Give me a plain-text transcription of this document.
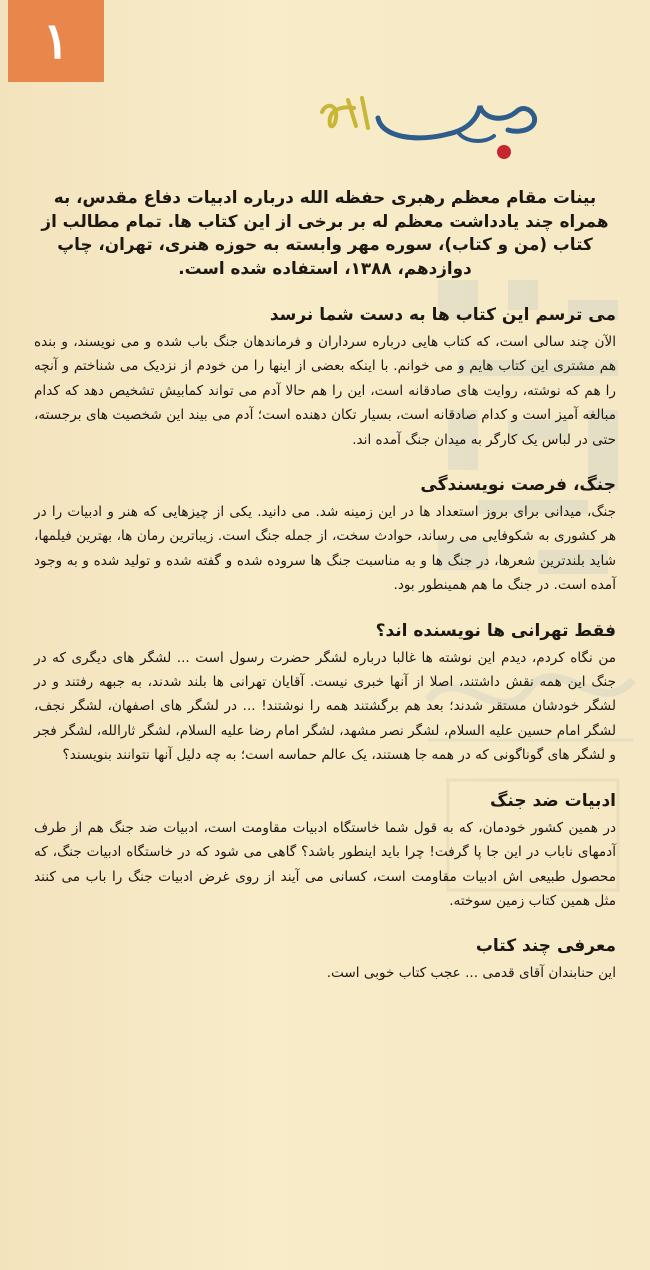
۱

بینات مقام معظم رهبری حفظه الله درباره ادبیات دفاع مقدس، به همراه چند یادداشت معظم له بر برخی از این کتاب ها. تمام مطالب از کتاب (من و کتاب)، سوره مهر وابسته به حوزه هنری، تهران، چاپ دوازدهم، ۱۳۸۸، استفاده شده است.

می ترسم این کتاب ها به دست شما نرسد

الآن چند سالی است، که کتاب هایی درباره سرداران و فرماندهان جنگ باب شده و می نویسند، و بنده هم مشتری این کتاب هایم و می خوانم. با اینکه بعضی از اینها را من خودم از نزدیک می شناختم و آنچه را هم که نوشته، روایت های صادقانه است، این را هم حالا آدم می تواند کمابیش تشخیص دهد که کدام مبالغه آمیز است و کدام صادقانه است، بسیار تکان دهنده است؛ آدم می بیند این شخصیت های برجسته، حتی در لباس یک کارگر به میدان جنگ آمده اند.

جنگ، فرصت نویسندگی

جنگ، میدانی برای بروز استعداد ها در این زمینه شد. می دانید. یکی از چیزهایی که هنر و ادبیات را در هر کشوری به شکوفایی می رساند، حوادث سخت، از جمله جنگ است. زیباترین رمان ها، بهترین فیلمها، شاید بلندترین شعرها، در جنگ ها و به مناسبت جنگ ها سروده شده و گفته شده و تولید شده و به وجود آمده است. در جنگ ما هم همینطور بود.

فقط تهرانی ها نویسنده اند؟

من نگاه کردم، دیدم این نوشته ها غالبا درباره لشگر حضرت رسول است ... لشگر های دیگری که در جنگ این همه نقش داشتند، اصلا از آنها خبری نیست. آقایان تهرانی ها بلند شدند، به جبهه رفتند و در لشگر خودشان مستقر شدند؛ بعد هم برگشتند همه را نوشتند! ... در لشگر های اصفهان، لشگر نجف، لشگر امام حسین علیه السلام، لشگر نصر مشهد، لشگر امام رضا علیه السلام، لشگر ثارالله، لشگر فجر و لشگر های گوناگونی که در همه جا هستند، یک عالم حماسه است؛ به چه دلیل آنها نتوانند بنویسند؟

ادبیات ضد جنگ

در همین کشور خودمان، که به قول شما خاستگاه ادبیات مقاومت است، ادبیات ضد جنگ هم از طرف آدمهای ناباب در این جا پا گرفت! چرا باید اینطور باشد؟ گاهی می شود که در خاستگاه ادبیات جنگ، که محصول طبیعی اش ادبیات مقاومت است، کسانی می آیند از روی غرض ادبیات جنگ را باب می کنند مثل همین کتاب زمین سوخته.

معرفی چند کتاب

این حنابندان آقای قدمی ... عجب کتاب خوبی است.
